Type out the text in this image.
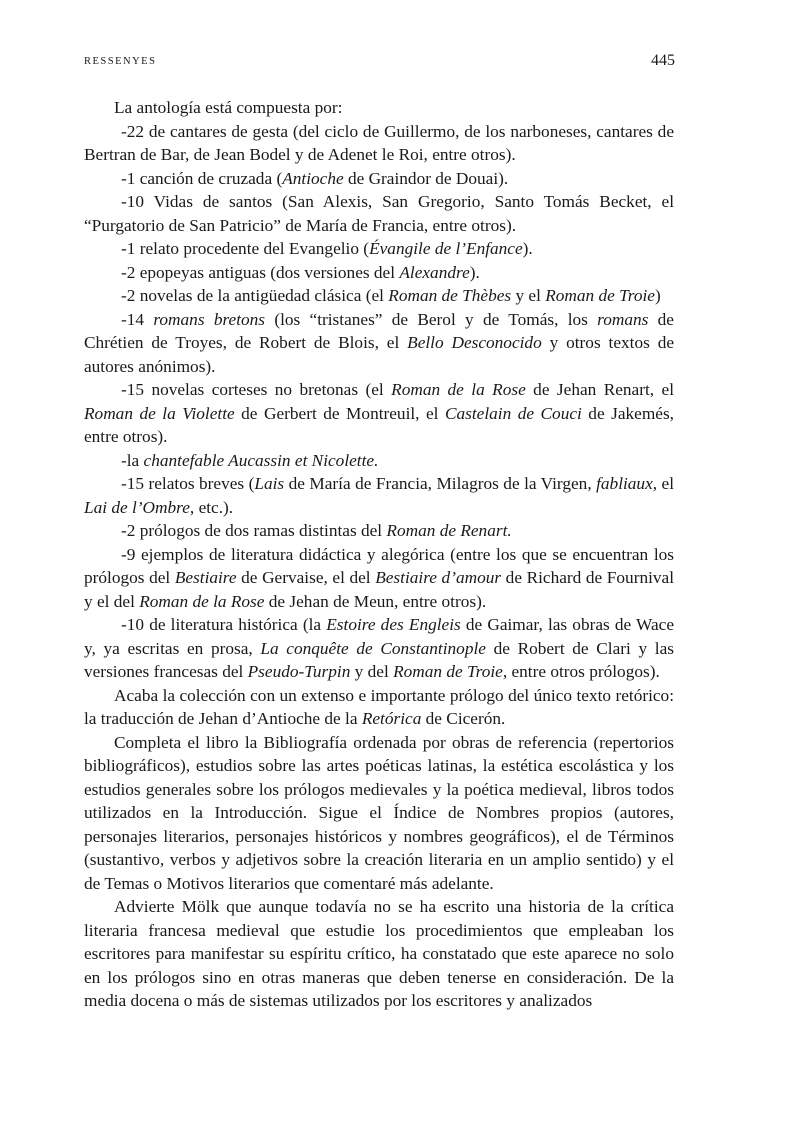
RESSENYES	445

La antología está compuesta por:

-22 de cantares de gesta (del ciclo de Guillermo, de los narboneses, cantares de Bertran de Bar, de Jean Bodel y de Adenet le Roi, entre otros).

-1 canción de cruzada (Antioche de Graindor de Douai).

-10 Vidas de santos (San Alexis, San Gregorio, Santo Tomás Becket, el “Purgatorio de San Patricio” de María de Francia, entre otros).

-1 relato procedente del Evangelio (Évangile de l’Enfance).

-2 epopeyas antiguas (dos versiones del Alexandre).

-2 novelas de la antigüedad clásica (el Roman de Thèbes y el Roman de Troie)

-14 romans bretons (los “tristanes” de Berol y de Tomás, los romans de Chrétien de Troyes, de Robert de Blois, el Bello Desconocido y otros textos de autores anónimos).

-15 novelas corteses no bretonas (el Roman de la Rose de Jehan Renart, el Roman de la Violette de Gerbert de Montreuil, el Castelain de Couci de Jakemés, entre otros).

-la chantefable Aucassin et Nicolette.

-15 relatos breves (Lais de María de Francia, Milagros de la Virgen, fabliaux, el Lai de l’Ombre, etc.).

-2 prólogos de dos ramas distintas del Roman de Renart.

-9 ejemplos de literatura didáctica y alegórica (entre los que se encuentran los prólogos del Bestiaire de Gervaise, el del Bestiaire d’amour de Richard de Fournival y el del Roman de la Rose de Jehan de Meun, entre otros).

-10 de literatura histórica (la Estoire des Engleis de Gaimar, las obras de Wace y, ya escritas en prosa, La conquête de Constantinople de Robert de Clari y las versiones francesas del Pseudo-Turpin y del Roman de Troie, entre otros prólogos).

Acaba la colección con un extenso e importante prólogo del único texto retórico: la traducción de Jehan d’Antioche de la Retórica de Cicerón.

Completa el libro la Bibliografía ordenada por obras de referencia (repertorios bibliográficos), estudios sobre las artes poéticas latinas, la estética escolástica y los estudios generales sobre los prólogos medievales y la poética medieval, libros todos utilizados en la Introducción. Sigue el Índice de Nombres propios (autores, personajes literarios, personajes históricos y nombres geográficos), el de Términos (sustantivo, verbos y adjetivos sobre la creación literaria en un amplio sentido) y el de Temas o Motivos literarios que comentaré más adelante.

Advierte Mölk que aunque todavía no se ha escrito una historia de la crítica literaria francesa medieval que estudie los procedimientos que empleaban los escritores para manifestar su espíritu crítico, ha constatado que este aparece no solo en los prólogos sino en otras maneras que deben tenerse en consideración. De la media docena o más de sistemas utilizados por los escritores y analizados
